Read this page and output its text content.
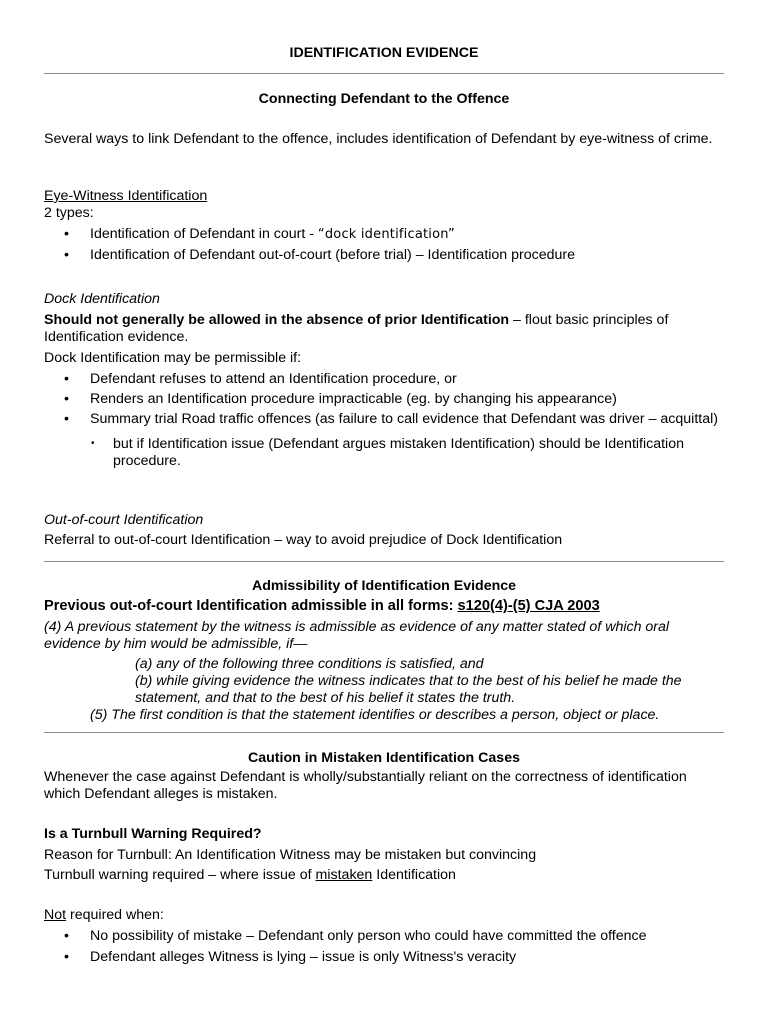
IDENTIFICATION EVIDENCE
Connecting Defendant to the Offence
Several ways to link Defendant to the offence, includes identification of Defendant by eye-witness of crime.
Eye-Witness Identification
2 types:
• Identification of Defendant in court - “dock identification”
• Identification of Defendant out-of-court (before trial) – Identification procedure
Dock Identification
Should not generally be allowed in the absence of prior Identification – flout basic principles of Identification evidence.
Dock Identification may be permissible if:
• Defendant refuses to attend an Identification procedure, or
• Renders an Identification procedure impracticable (eg. by changing his appearance)
• Summary trial Road traffic offences (as failure to call evidence that Defendant was driver – acquittal)
• but if Identification issue (Defendant argues mistaken Identification) should be Identification procedure.
Out-of-court Identification
Referral to out-of-court Identification – way to avoid prejudice of Dock Identification
Admissibility of Identification Evidence
Previous out-of-court Identification admissible in all forms: s120(4)-(5) CJA 2003
(4) A previous statement by the witness is admissible as evidence of any matter stated of which oral evidence by him would be admissible, if—
(a) any of the following three conditions is satisfied, and
(b) while giving evidence the witness indicates that to the best of his belief he made the statement, and that to the best of his belief it states the truth.
(5) The first condition is that the statement identifies or describes a person, object or place.
Caution in Mistaken Identification Cases
Whenever the case against Defendant is wholly/substantially reliant on the correctness of identification which Defendant alleges is mistaken.
Is a Turnbull Warning Required?
Reason for Turnbull: An Identification Witness may be mistaken but convincing
Turnbull warning required – where issue of mistaken Identification
Not required when:
• No possibility of mistake – Defendant only person who could have committed the offence
• Defendant alleges Witness is lying – issue is only Witness's veracity
